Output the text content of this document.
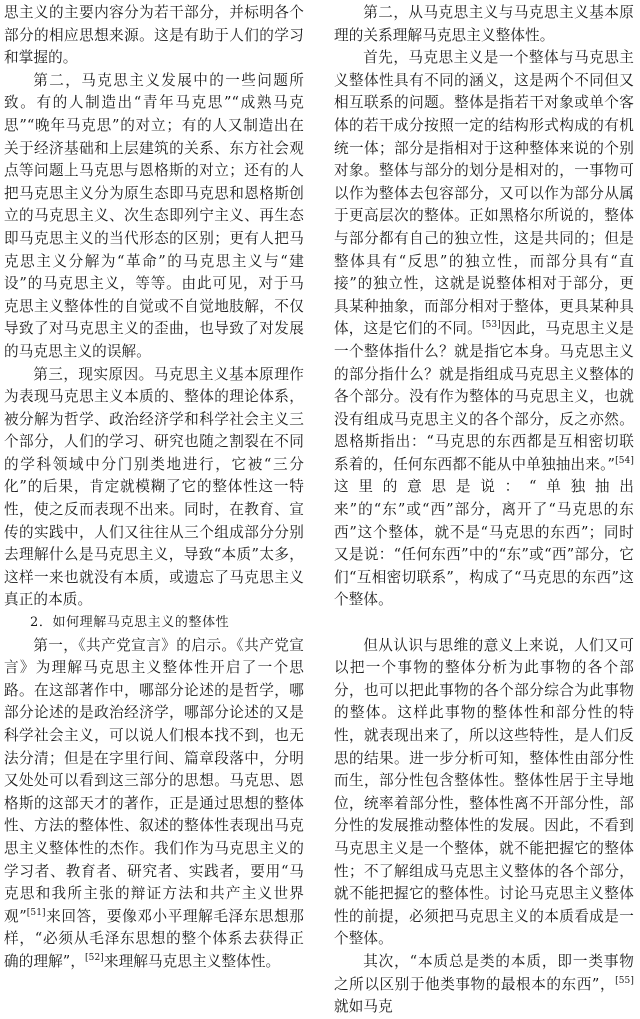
思主义的主要内容分为若干部分，并标明各个部分的相应思想来源。这是有助于人们的学习和掌握的。

第二，马克思主义发展中的一些问题所致。有的人制造出“青年马克思”“成熟马克思”“晚年马克思”的对立；有的人又制造出在关于经济基础和上层建筑的关系、东方社会观点等问题上马克思与恩格斯的对立；还有的人把马克思主义分为原生态即马克思和恩格斯创立的马克思主义、次生态即列宁主义、再生态即马克思主义的当代形态的区别；更有人把马克思主义分解为“革命”的马克思主义与“建设”的马克思主义，等等。由此可见，对于马克思主义整体性的自觉或不自觉地肢解，不仅导致了对马克思主义的歪曲，也导致了对发展的马克思主义的误解。

第三，现实原因。马克思主义基本原理作为表现马克思主义本质的、整体的理论体系，被分解为哲学、政治经济学和科学社会主义三个部分，人们的学习、研究也随之割裂在不同的学科领域中分门别类地进行，它被“三分化”的后果，肯定就模糊了它的整体性这一特性，使之反而表现不出来。同时，在教育、宣传的实践中，人们又往往从三个组成部分分别去理解什么是马克思主义，导致“本质”太多，这样一来也就没有本质，或遗忘了马克思主义真正的本质。

2．如何理解马克思主义的整体性

第一，《共产党宣言》的启示。《共产党宣言》为理解马克思主义整体性开启了一个思路。在这部著作中，哪部分论述的是哲学，哪部分论述的是政治经济学，哪部分论述的又是科学社会主义，可以说人们根本找不到，也无法分清；但是在字里行间、篇章段落中，分明又处处可以看到这三部分的思想。马克思、恩格斯的这部天才的著作，正是通过思想的整体性、方法的整体性、叙述的整体性表现出马克思主义整体性的杰作。我们作为马克思主义的学习者、教育者、研究者、实践者，要用“马克思和我所主张的辩证方法和共产主义世界观”[51]来回答，要像邓小平理解毛泽东思想那样，“必须从毛泽东思想的整个体系去获得正确的理解”，[52]来理解马克思主义整体性。

第二，从马克思主义与马克思主义基本原理的关系理解马克思主义整体性。

首先，马克思主义是一个整体与马克思主义整体性具有不同的涵义，这是两个不同但又相互联系的问题。整体是指若干对象或单个客体的若干成分按照一定的结构形式构成的有机统一体；部分是指相对于这种整体来说的个别对象。整体与部分的划分是相对的，一事物可以作为整体去包容部分，又可以作为部分从属于更高层次的整体。正如黑格尔所说的，整体与部分都有自己的独立性，这是共同的；但是整体具有“反思”的独立性，而部分具有“直接”的独立性，这就是说整体相对于部分，更具某种抽象，而部分相对于整体，更具某种具体，这是它们的不同。[53]因此，马克思主义是一个整体指什么？就是指它本身。马克思主义的部分指什么？就是指组成马克思主义整体的各个部分。没有作为整体的马克思主义，也就没有组成马克思主义的各个部分，反之亦然。恩格斯指出：“马克思的东西都是互相密切联系着的，任何东西都不能从中单独抽出来。”[54]这里的意思是说：“单独抽出来”的“东”或“西”部分，离开了“马克思的东西”这个整体，就不是“马克思的东西”；同时又是说：“任何东西”中的“东”或“西”部分，它们“互相密切联系”，构成了“马克思的东西”这个整体。

但从认识与思维的意义上来说，人们又可以把一个事物的整体分析为此事物的各个部分，也可以把此事物的各个部分综合为此事物的整体。这样此事物的整体性和部分性的特性，就表现出来了，所以这些特性，是人们反思的结果。进一步分析可知，整体性由部分性而生，部分性包含整体性。整体性居于主导地位，统率着部分性，整体性离不开部分性，部分性的发展推动整体性的发展。因此，不看到马克思主义是一个整体，就不能把握它的整体性；不了解组成马克思主义整体的各个部分，就不能把握它的整体性。讨论马克思主义整体性的前提，必须把马克思主义的本质看成是一个整体。

其次，“本质总是类的本质，即一类事物之所以区别于他类事物的最根本的东西”，[55]就如马克
